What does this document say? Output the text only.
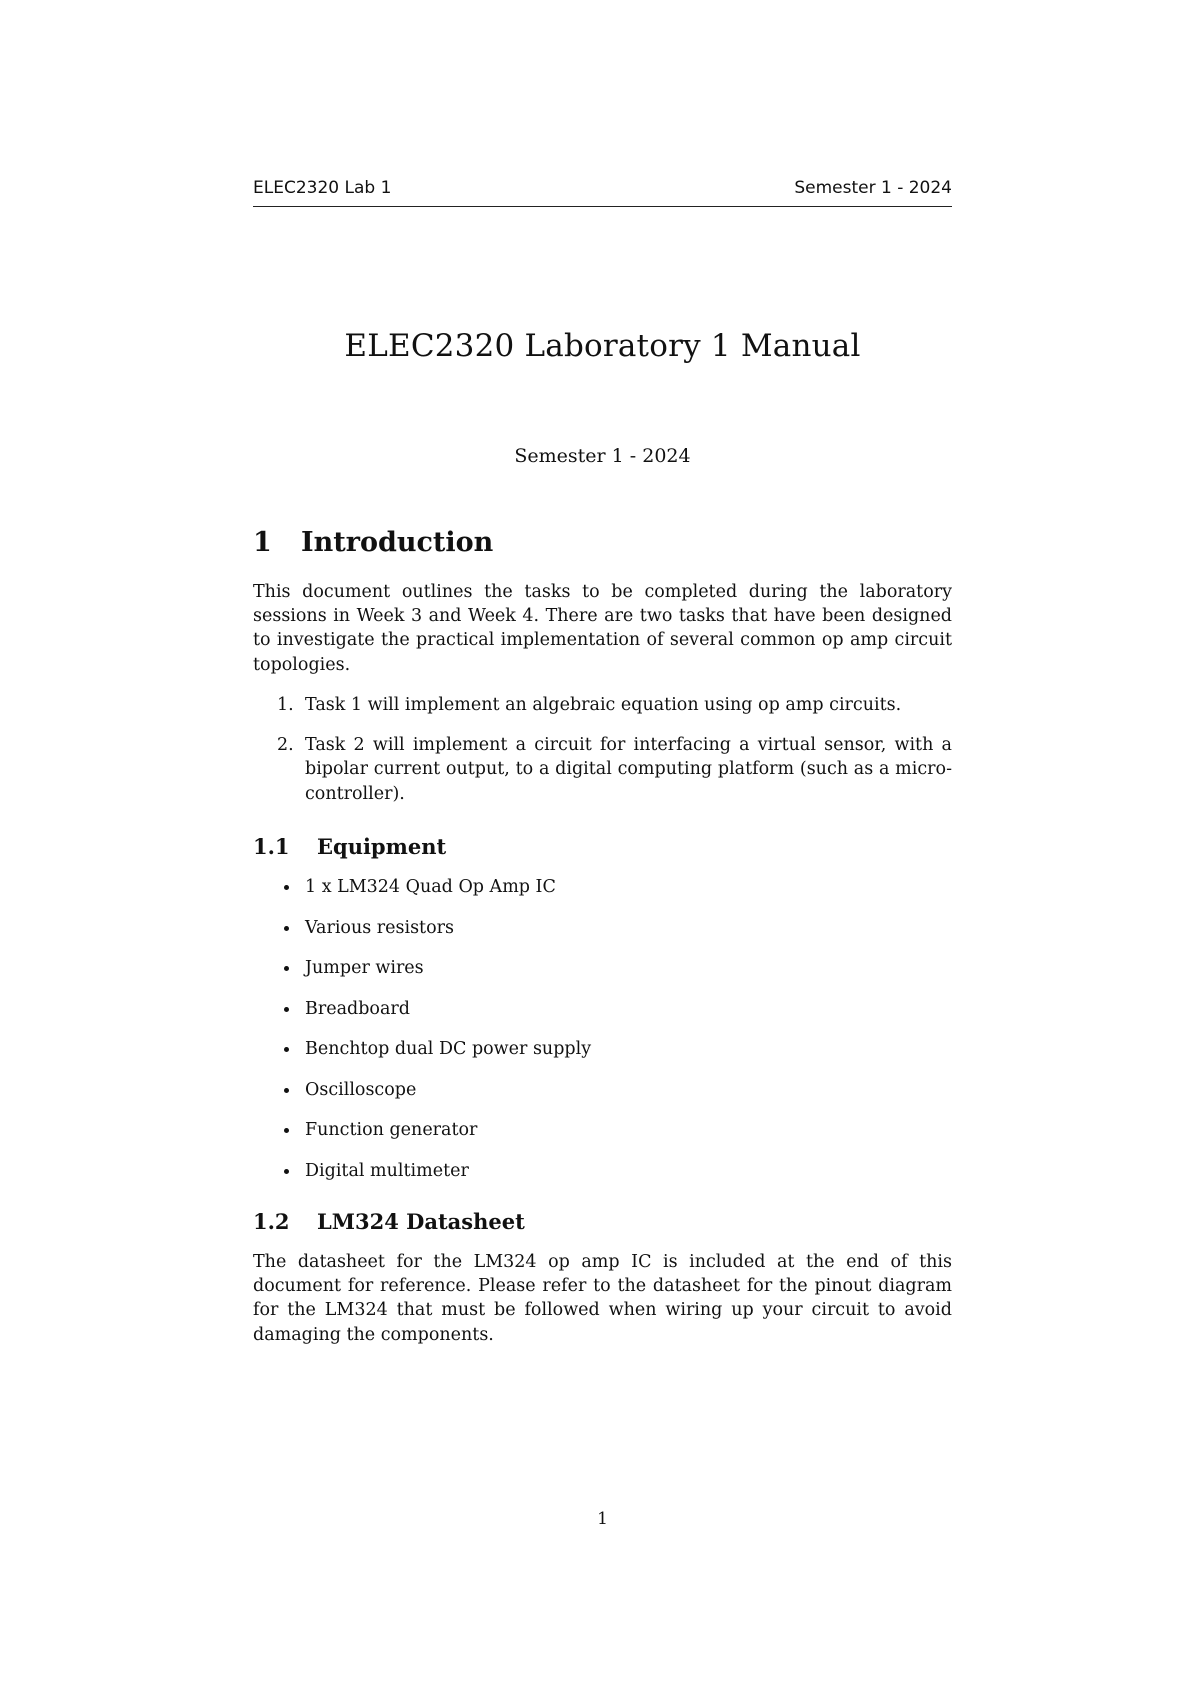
ELEC2320 Lab 1	Semester 1 - 2024
ELEC2320 Laboratory 1 Manual
Semester 1 - 2024
1	Introduction

This document outlines the tasks to be completed during the laboratory sessions in Week 3 and Week 4. There are two tasks that have been designed to investigate the practical implementation of several common op amp circuit topologies.

1. Task 1 will implement an algebraic equation using op amp circuits.
2. Task 2 will implement a circuit for interfacing a virtual sensor, with a bipolar current output, to a digital computing platform (such as a micro-controller).
1.1	Equipment
1 x LM324 Quad Op Amp IC
Various resistors
Jumper wires
Breadboard
Benchtop dual DC power supply
Oscilloscope
Function generator
Digital multimeter
1.2	LM324 Datasheet

The datasheet for the LM324 op amp IC is included at the end of this document for reference. Please refer to the datasheet for the pinout diagram for the LM324 that must be followed when wiring up your circuit to avoid damaging the components.

1
